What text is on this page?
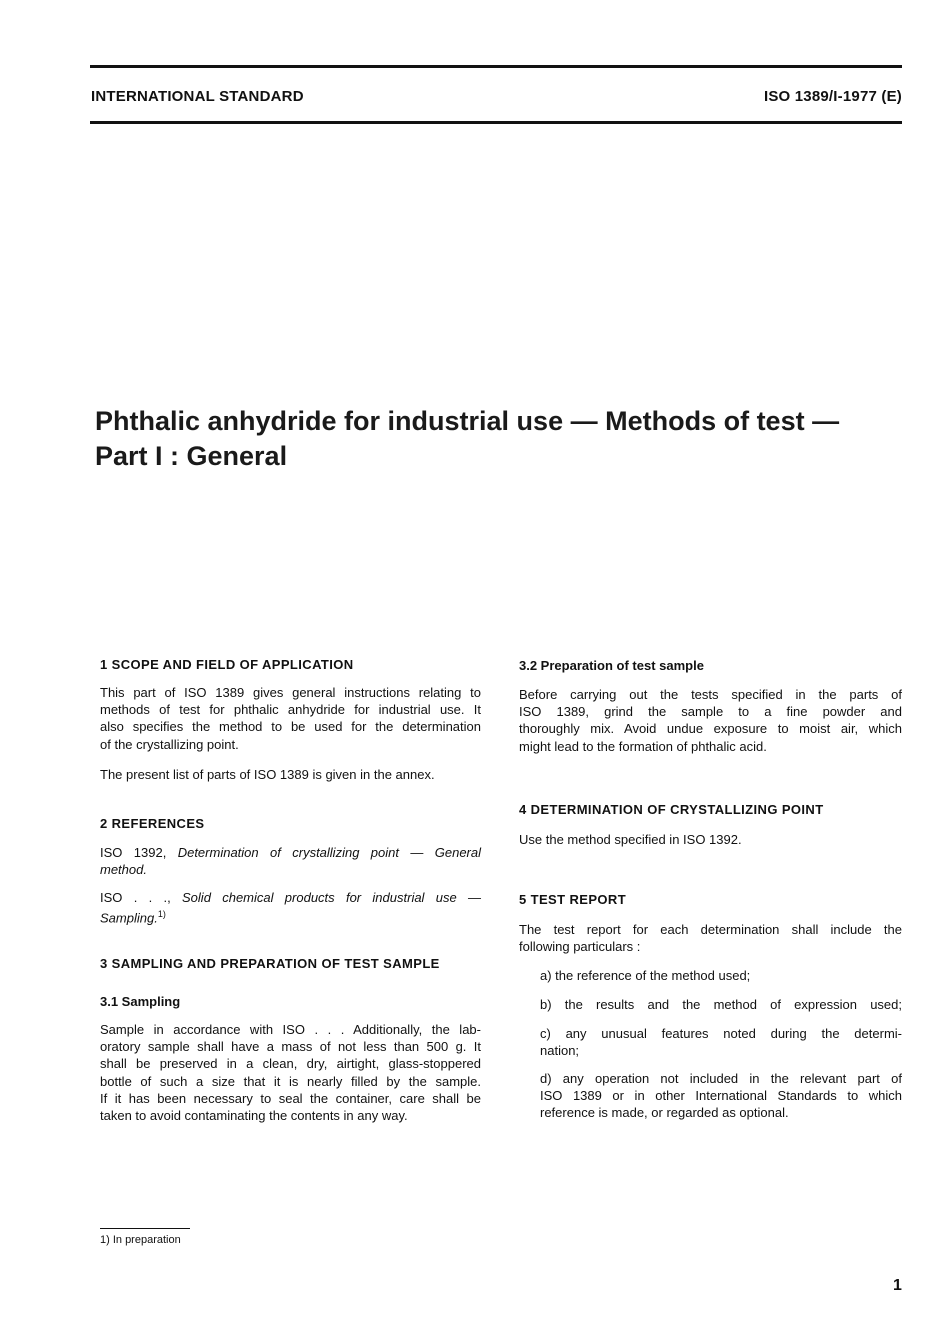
INTERNATIONAL STANDARD	ISO 1389/I-1977 (E)
Phthalic anhydride for industrial use — Methods of test —
Part I : General
1 SCOPE AND FIELD OF APPLICATION
This part of ISO 1389 gives general instructions relating to
methods of test for phthalic anhydride for industrial use. It
also specifies the method to be used for the determination
of the crystallizing point.
The present list of parts of ISO 1389 is given in the annex.
2 REFERENCES
ISO 1392, Determination of crystallizing point — General
method.
ISO . . ., Solid chemical products for industrial use —
Sampling.$^{1)}$
3 SAMPLING AND PREPARATION OF TEST SAMPLE
3.1 Sampling
Sample in accordance with ISO . . . Additionally, the lab-
oratory sample shall have a mass of not less than 500 g. It
shall be preserved in a clean, dry, airtight, glass-stoppered
bottle of such a size that it is nearly filled by the sample.
If it has been necessary to seal the container, care shall be
taken to avoid contaminating the contents in any way.
1) In preparation
3.2 Preparation of test sample
Before carrying out the tests specified in the parts of
ISO 1389, grind the sample to a fine powder and
thoroughly mix. Avoid undue exposure to moist air, which
might lead to the formation of phthalic acid.
4 DETERMINATION OF CRYSTALLIZING POINT
Use the method specified in ISO 1392.
5 TEST REPORT
The test report for each determination shall include the
following particulars :
a) the reference of the method used;
b) the results and the method of expression used;
c) any unusual features noted during the determi-
nation;
d) any operation not included in the relevant part of
ISO 1389 or in other International Standards to which
reference is made, or regarded as optional.
1
